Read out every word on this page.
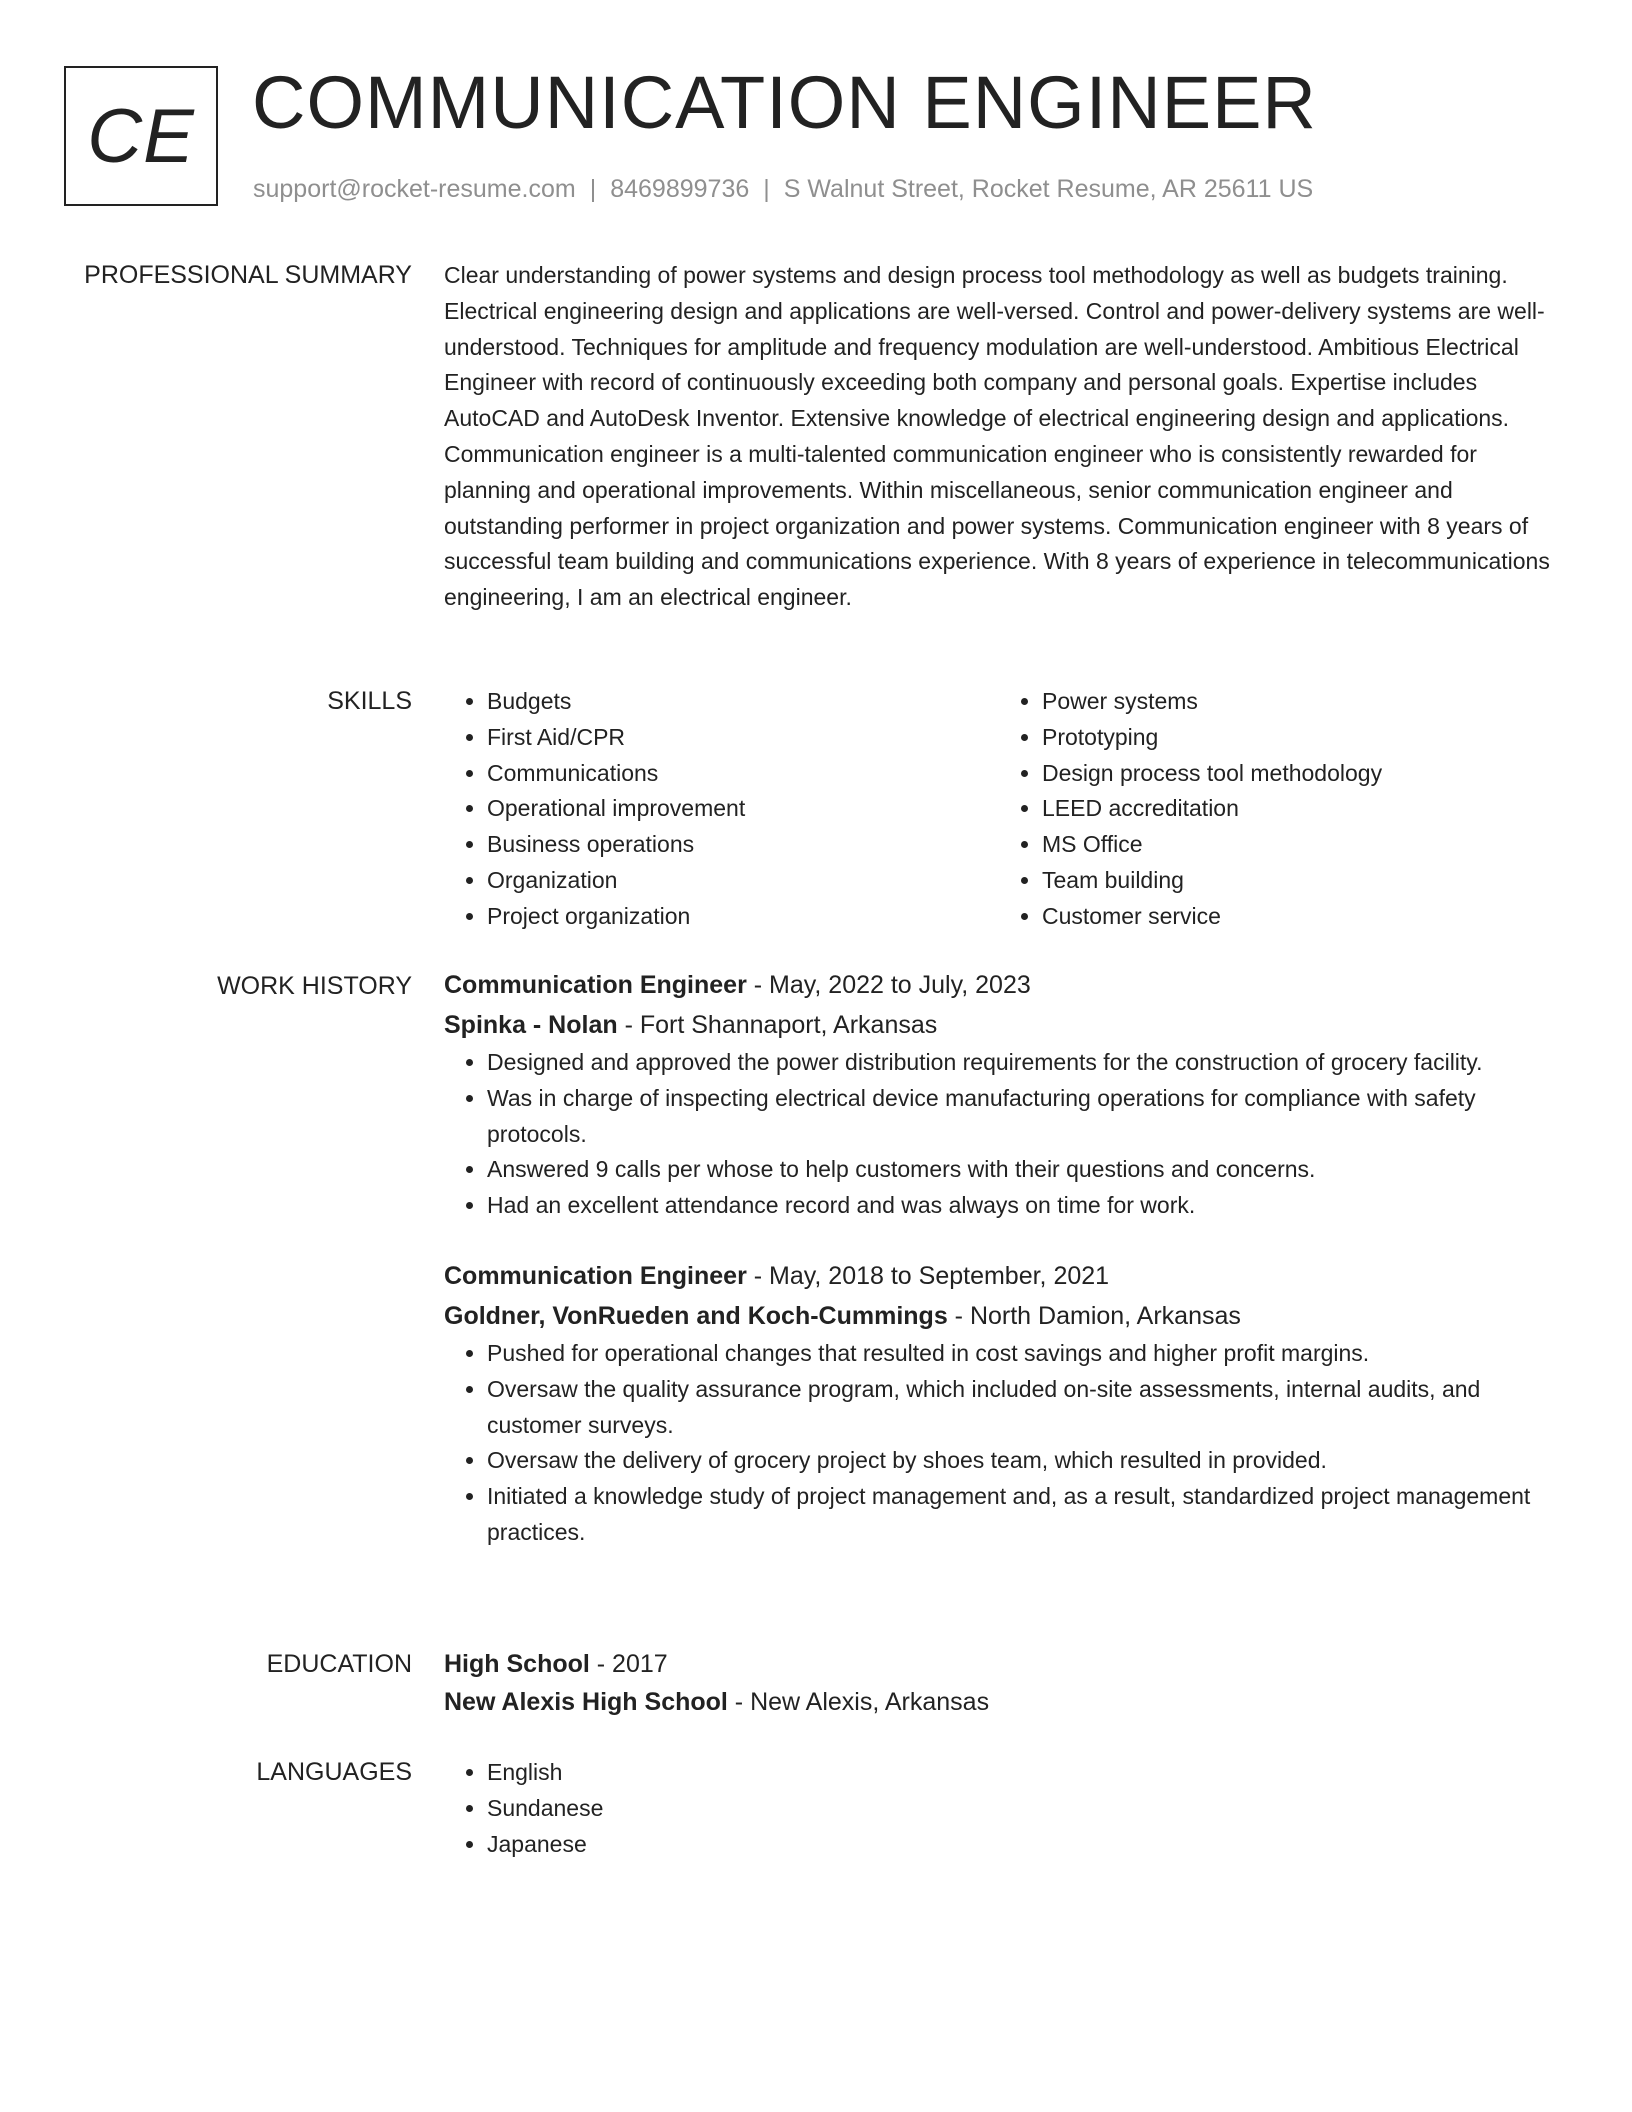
CE COMMUNICATION ENGINEER
support@rocket-resume.com | 8469899736 | S Walnut Street, Rocket Resume, AR 25611 US
PROFESSIONAL SUMMARY Clear understanding of power systems and design process tool methodology as well as budgets training. Electrical engineering design and applications are well-versed. Control and power-delivery systems are well-understood. Techniques for amplitude and frequency modulation are well-understood. Ambitious Electrical Engineer with record of continuously exceeding both company and personal goals. Expertise includes AutoCAD and AutoDesk Inventor. Extensive knowledge of electrical engineering design and applications. Communication engineer is a multi-talented communication engineer who is consistently rewarded for planning and operational improvements. Within miscellaneous, senior communication engineer and outstanding performer in project organization and power systems. Communication engineer with 8 years of successful team building and communications experience. With 8 years of experience in telecommunications engineering, I am an electrical engineer.

SKILLS	• Budgets
• First Aid/CPR
• Communications
• Operational improvement
• Business operations
• Organization
• Project organization
• Power systems
• Prototyping
• Design process tool methodology
• LEED accreditation
• MS Office
• Team building
• Customer service
WORK HISTORY Communication Engineer - May, 2022 to July, 2023
Spinka - Nolan - Fort Shannaport, Arkansas
• Designed and approved the power distribution requirements for the construction of grocery facility.
• Was in charge of inspecting electrical device manufacturing operations for compliance with safety protocols.
• Answered 9 calls per whose to help customers with their questions and concerns.
• Had an excellent attendance record and was always on time for work.
Communication Engineer - May, 2018 to September, 2021
Goldner, VonRueden and Koch-Cummings - North Damion, Arkansas
• Pushed for operational changes that resulted in cost savings and higher profit margins.
• Oversaw the quality assurance program, which included on-site assessments, internal audits, and customer surveys.
• Oversaw the delivery of grocery project by shoes team, which resulted in provided.
• Initiated a knowledge study of project management and, as a result, standardized project management practices.
EDUCATION High School - 2017
New Alexis High School - New Alexis, Arkansas
LANGUAGES	• English
• Sundanese
• Japanese
